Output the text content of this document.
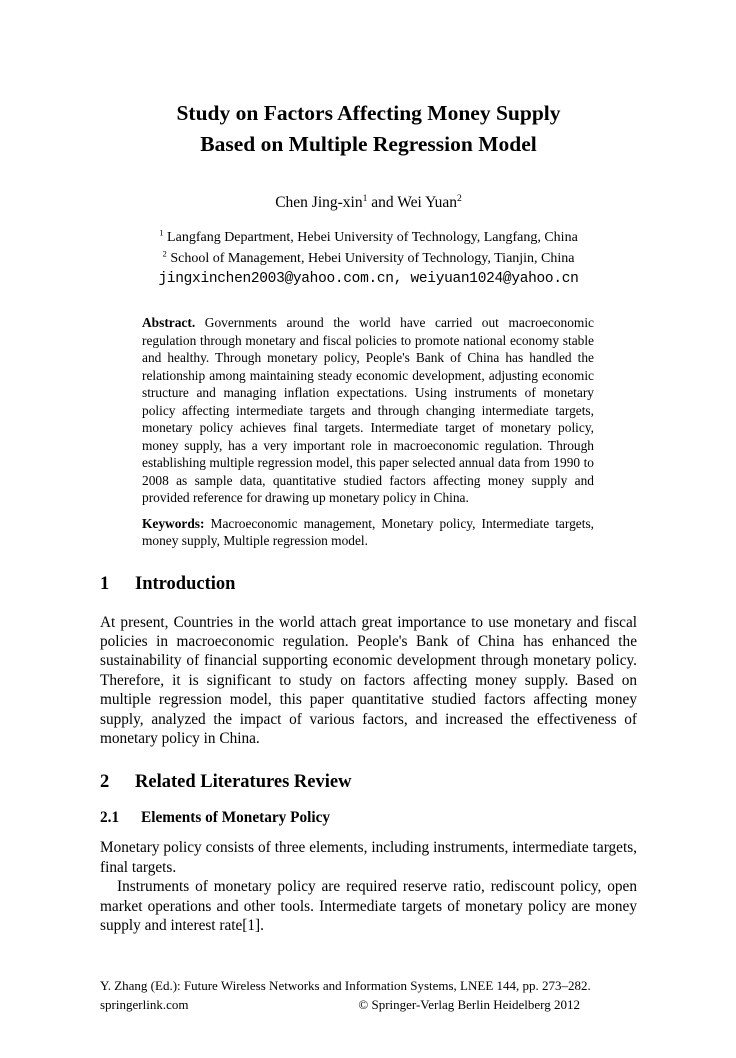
Study on Factors Affecting Money Supply
Based on Multiple Regression Model
Chen Jing-xin$^1$ and Wei Yuan$^2$
$^1$ Langfang Department, Hebei University of Technology, Langfang, China
$^2$ School of Management, Hebei University of Technology, Tianjin, China
jingxinchen2003@yahoo.com.cn, weiyuan1024@yahoo.cn

Abstract. Governments around the world have carried out macroeconomic regulation through monetary and fiscal policies to promote national economy stable and healthy. Through monetary policy, People's Bank of China has handled the relationship among maintaining steady economic development, adjusting economic structure and managing inflation expectations. Using instruments of monetary policy affecting intermediate targets and through changing intermediate targets, monetary policy achieves final targets. Intermediate target of monetary policy, money supply, has a very important role in macroeconomic regulation. Through establishing multiple regression model, this paper selected annual data from 1990 to 2008 as sample data, quantitative studied factors affecting money supply and provided reference for drawing up monetary policy in China.

Keywords: Macroeconomic management, Monetary policy, Intermediate targets, money supply, Multiple regression model.

1 Introduction

At present, Countries in the world attach great importance to use monetary and fiscal policies in macroeconomic regulation. People's Bank of China has enhanced the sustainability of financial supporting economic development through monetary policy. Therefore, it is significant to study on factors affecting money supply. Based on multiple regression model, this paper quantitative studied factors affecting money supply, analyzed the impact of various factors, and increased the effectiveness of monetary policy in China.

2 Related Literatures Review
2.1 Elements of Monetary Policy

Monetary policy consists of three elements, including instruments, intermediate targets, final targets.

Instruments of monetary policy are required reserve ratio, rediscount policy, open market operations and other tools. Intermediate targets of monetary policy are money supply and interest rate[1].

Y. Zhang (Ed.): Future Wireless Networks and Information Systems, LNEE 144, pp. 273–282.
springerlink.com	© Springer-Verlag Berlin Heidelberg 2012
